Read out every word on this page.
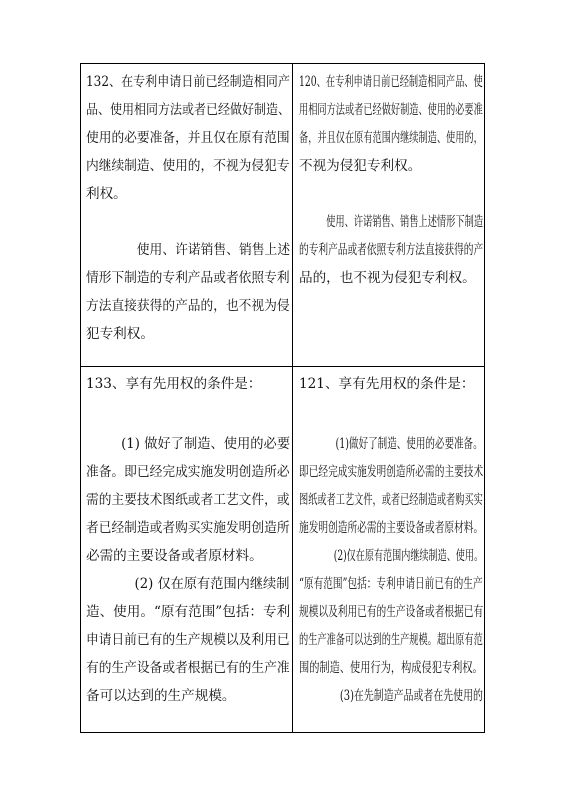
132、在专利申请日前已经制造相同产
品、使用相同方法或者已经做好制造、
使用的必要准备，并且仅在原有范围
内继续制造、使用的，不视为侵犯专
利权。
使用、许诺销售、销售上述
情形下制造的专利产品或者依照专利
方法直接获得的产品的，也不视为侵
犯专利权。
120、在专利申请日前已经制造相同产品、使
用相同方法或者已经做好制造、使用的必要准
备，并且仅在原有范围内继续制造、使用的，
不视为侵犯专利权。
使用、许诺销售、销售上述情形下制造
的专利产品或者依照专利方法直接获得的产
品的，也不视为侵犯专利权。
133、享有先用权的条件是：
(1) 做好了制造、使用的必要
准备。即已经完成实施发明创造所必
需的主要技术图纸或者工艺文件，或
者已经制造或者购买实施发明创造所
必需的主要设备或者原材料。
(2) 仅在原有范围内继续制
造、使用。“原有范围”包括：专利
申请日前已有的生产规模以及利用已
有的生产设备或者根据已有的生产准
备可以达到的生产规模。
121、享有先用权的条件是：
(1)做好了制造、使用的必要准备。
即已经完成实施发明创造所必需的主要技术
图纸或者工艺文件，或者已经制造或者购买实
施发明创造所必需的主要设备或者原材料。
(2)仅在原有范围内继续制造、使用。
“原有范围”包括：专利申请日前已有的生产
规模以及利用已有的生产设备或者根据已有
的生产准备可以达到的生产规模。超出原有范
围的制造、使用行为，构成侵犯专利权。
(3)在先制造产品或者在先使用的
